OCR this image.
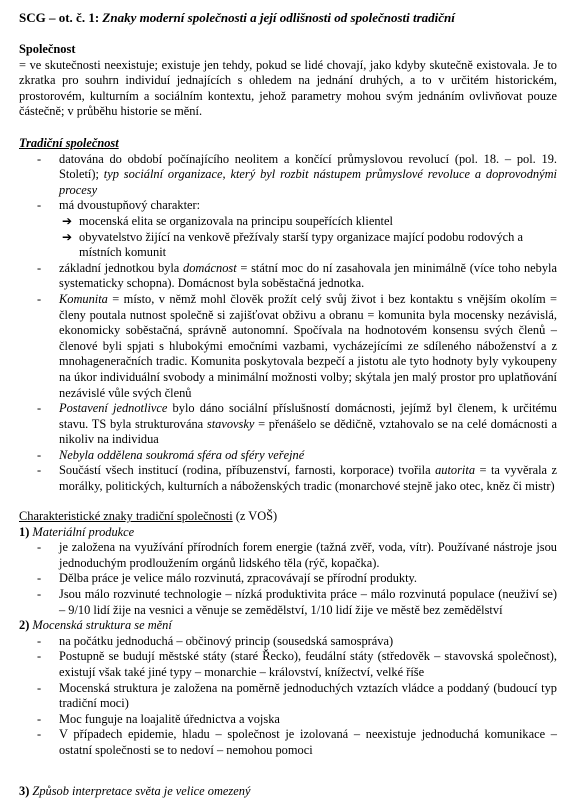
SCG – ot. č. 1: Znaky moderní společnosti a její odlišnosti od společnosti tradiční
Společnost
= ve skutečnosti neexistuje; existuje jen tehdy, pokud se lidé chovají, jako kdyby skutečně existovala. Je to zkratka pro souhrn individuí jednajících s ohledem na jednání druhých, a to v určitém historickém, prostorovém, kulturním a sociálním kontextu, jehož parametry mohou svým jednáním ovlivňovat pouze částečně; v průběhu historie se mění.
Tradiční společnost
- datována do období počínajícího neolitem a končící průmyslovou revolucí (pol. 18. – pol. 19. Století); typ sociální organizace, který byl rozbit nástupem průmyslové revoluce a doprovodnými procesy
- má dvoustupňový charakter:
➔ mocenská elita se organizovala na principu soupeřících klientel
➔ obyvatelstvo žijící na venkově přežívaly starší typy organizace mající podobu rodových a místních komunit
- základní jednotkou byla domácnost = státní moc do ní zasahovala jen minimálně (více toho nebyla systematicky schopna). Domácnost byla soběstačná jednotka.
- Komunita = místo, v němž mohl člověk prožít celý svůj život i bez kontaktu s vnějším okolím = členy poutala nutnost společně si zajišťovat obživu a obranu = komunita byla mocensky nezávislá, ekonomicky soběstačná, správně autonomní. Spočívala na hodnotovém konsensu svých členů – členové byli spjati s hlubokými emočními vazbami, vycházejícími ze sdíleného náboženství a z mnohageneračních tradic. Komunita poskytovala bezpečí a jistotu ale tyto hodnoty byly vykoupeny na úkor individuální svobody a minimální možnosti volby; skýtala jen malý prostor pro uplatňování nezávislé vůle svých členů
- Postavení jednotlivce bylo dáno sociální příslušností domácnosti, jejímž byl členem, k určitému stavu. TS byla strukturována stavovsky = přenášelo se dědičně, vztahovalo se na celé domácnosti a nikoliv na individua
- Nebyla oddělena soukromá sféra od sféry veřejné
- Součástí všech institucí (rodina, příbuzenství, farnosti, korporace) tvořila autorita = ta vyvěrala z morálky, politických, kulturních a náboženských tradic (monarchové stejně jako otec, kněz či mistr)
Charakteristické znaky tradiční společnosti (z VOŠ)
1) Materiální produkce
- je založena na využívání přírodních forem energie (tažná zvěř, voda, vítr). Používané nástroje jsou jednoduchým prodloužením orgánů lidského těla (rýč, kopačka).
- Dělba práce je velice málo rozvinutá, zpracovávají se přírodní produkty.
- Jsou málo rozvinuté technologie – nízká produktivita práce – málo rozvinutá populace (neuživí se) – 9/10 lidí žije na vesnici a věnuje se zemědělství, 1/10 lidí žije ve městě bez zemědělství
2) Mocenská struktura se mění
- na počátku jednoduchá – občinový princip (sousedská samospráva)
- Postupně se budují městské státy (staré Řecko), feudální státy (středověk – stavovská společnost), existují však také jiné typy – monarchie – království, knížectví, velké říše
- Mocenská struktura je založena na poměrně jednoduchých vztazích vládce a poddaný (budoucí typ tradiční moci)
- Moc funguje na loajalitě úřednictva a vojska
- V případech epidemie, hladu – společnost je izolovaná – neexistuje jednoduchá komunikace – ostatní společnosti se to nedoví – nemohou pomoci
3) Způsob interpretace světa je velice omezený
